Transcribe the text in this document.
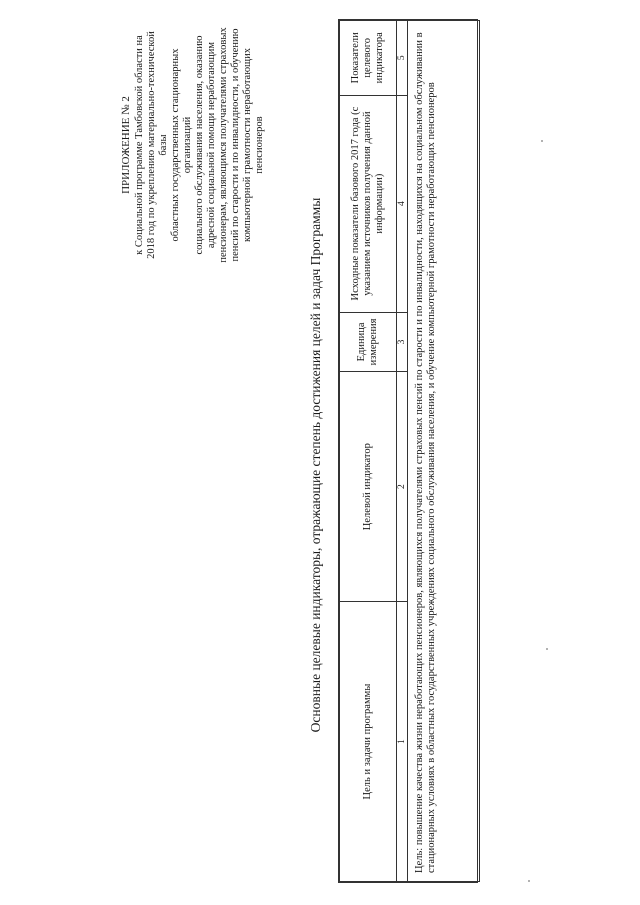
ПРИЛОЖЕНИЕ № 2 к Социальной программе Тамбовской области на 2018 год по укреплению материально-технической базы областных государственных стационарных организаций социального обслуживания населения, оказанию адресной социальной помощи неработающим пенсионерам, являющимся получателями страховых пенсий по старости и по инвалидности, и обучению компьютерной грамотности неработающих пенсионеров
Основные целевые индикаторы, отражающие степень достижения целей и задач Программы
Цель и задачи программы	Целевой индикатор	Единица измерения	Исходные показатели базового 2017 года (с указанием источников получения данной информации)	Показатели целевого индикатора
1	2	3	4	5
Цель: повышение качества жизни неработающих пенсионеров, являющихся получателями страховых пенсий по старости и по инвалидности, находящихся на социальном обслуживании в стационарных условиях в областных государственных учреждениях социального обслуживания населения, и обучение компьютерной грамотности неработающих пенсионеров				
